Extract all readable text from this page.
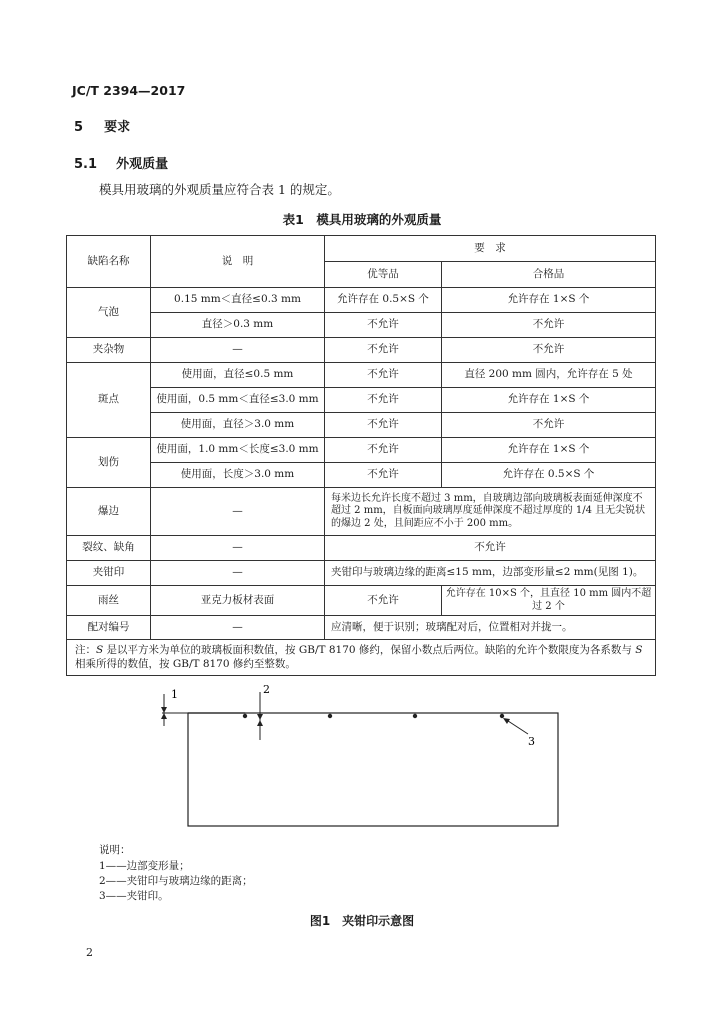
JC/T 2394—2017
5 要求
5.1 外观质量
模具用玻璃的外观质量应符合表 1 的规定。
表1　模具用玻璃的外观质量
缺陷名称	说　明	要　求	
		优等品	合格品
气泡	0.15 mm＜直径≤0.3 mm	允许存在 0.5×S 个	允许存在 1×S 个
	直径＞0.3 mm	不允许	不允许
夹杂物	—	不允许	不允许
斑点	使用面，直径≤0.5 mm	不允许	直径 200 mm 圆内，允许存在 5 处
	使用面，0.5 mm＜直径≤3.0 mm	不允许	允许存在 1×S 个
	使用面，直径＞3.0 mm	不允许	不允许
划伤	使用面，1.0 mm＜长度≤3.0 mm	不允许	允许存在 1×S 个
	使用面，长度＞3.0 mm	不允许	允许存在 0.5×S 个
爆边	—	每米边长允许长度不超过 3 mm，自玻璃边部向玻璃板表面延伸深度不超过 2 mm，自板面向玻璃厚度延伸深度不超过厚度的 1/4 且无尖锐状的爆边 2 处，且间距应不小于 200 mm。	
裂纹、缺角	—	不允许	
夹钳印	—	夹钳印与玻璃边缘的距离≤15 mm，边部变形量≤2 mm(见图 1)。	
雨丝	亚克力板材表面	不允许	允许存在 10×S 个，且直径 10 mm 圆内不超过 2 个
配对编号	—	应清晰，便于识别；玻璃配对后，位置相对并拢一。	
注：S 是以平方米为单位的玻璃板面积数值，按 GB/T 8170 修约，保留小数点后两位。缺陷的允许个数限度为各系数与 S 相乘所得的数值，按 GB/T 8170 修约至整数。			
1	2
3
说明：
1——边部变形量；
2——夹钳印与玻璃边缘的距离；
3——夹钳印。
图1　夹钳印示意图
2
